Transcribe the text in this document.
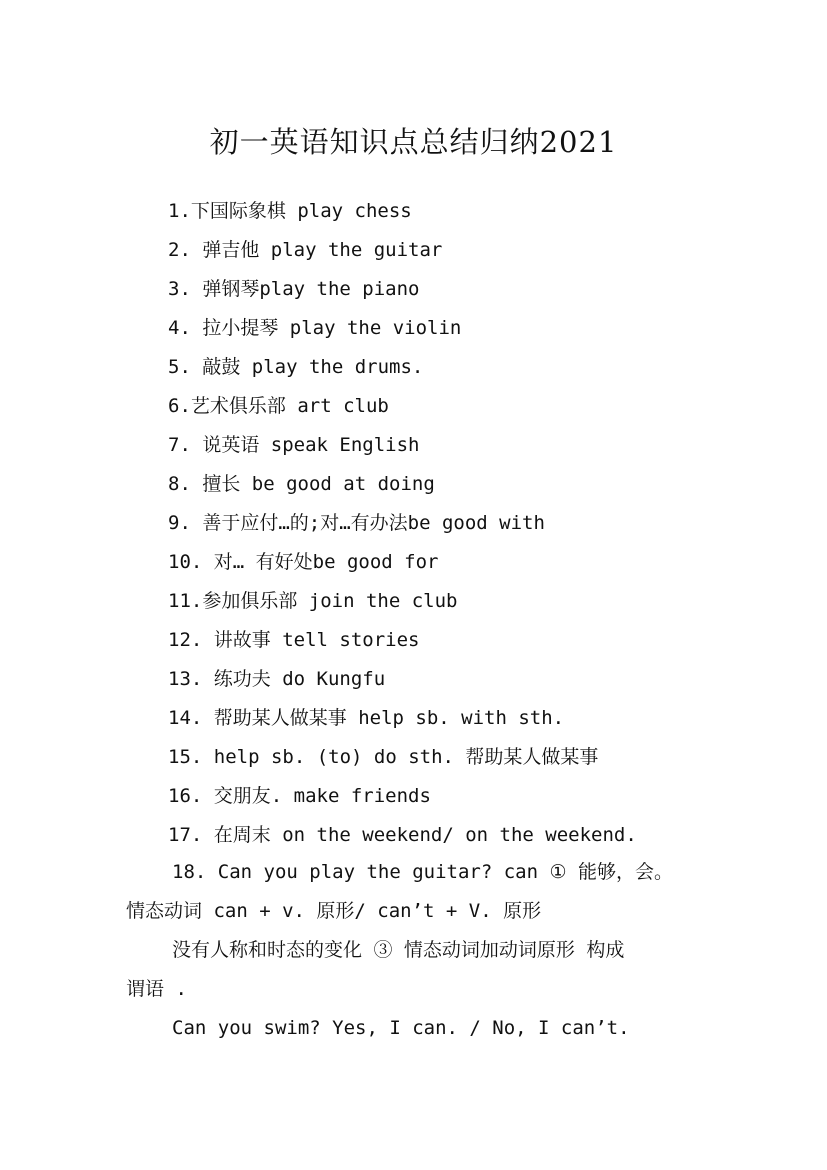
初一英语知识点总结归纳2021
1.下国际象棋 play chess
2. 弹吉他 play the guitar
3. 弹钢琴play the piano
4. 拉小提琴 play the violin
5. 敲鼓 play the drums.
6.艺术俱乐部 art club
7. 说英语 speak English
8. 擅长 be good at doing
9. 善于应付…的;对…有办法be good with
10. 对… 有好处be good for
11.参加俱乐部 join the club
12. 讲故事 tell stories
13. 练功夫 do Kungfu
14. 帮助某人做某事 help sb. with sth.
15. help sb. (to) do sth. 帮助某人做某事
16. 交朋友. make friends
17. 在周末 on the weekend/ on the weekend.
18. Can you play the guitar? can ① 能够，会。
情态动词 can + v. 原形/ can’t + V. 原形
没有人称和时态的变化 ③ 情态动词加动词原形 构成
谓语 .
Can you swim? Yes, I can. / No, I can’t.
